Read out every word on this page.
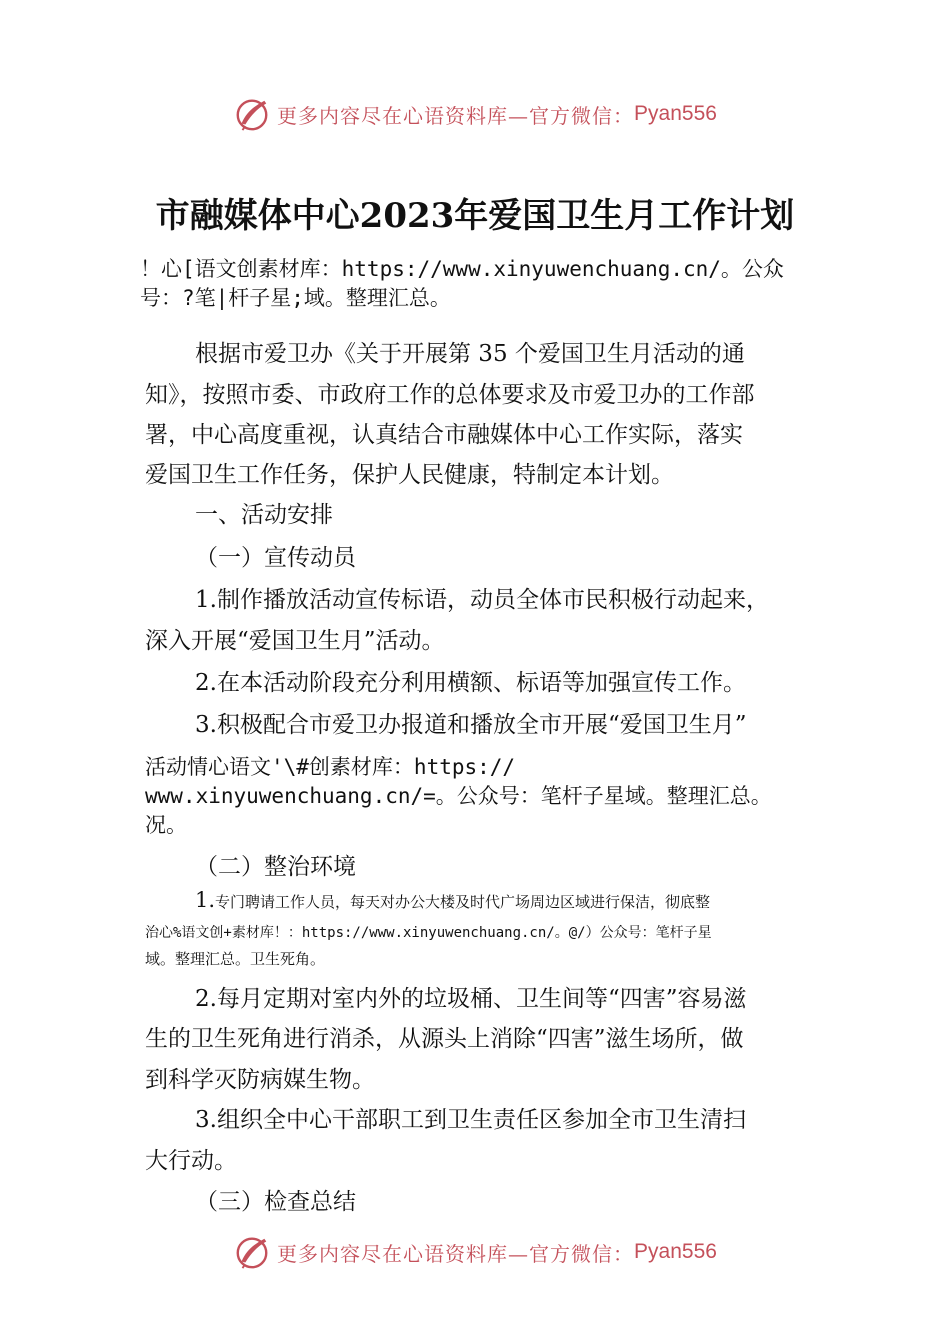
更多内容尽在心语资料库—官方微信： Pyan556
市融媒体中心2023年爱国卫生月工作计划
！心[语文创素材库：https://www.xinyuwenchuang.cn/。公众
号：?笔|杆子星;域。整理汇总。
根据市爱卫办《关于开展第 35 个爱国卫生月活动的通
知》，按照市委、市政府工作的总体要求及市爱卫办的工作部
署，中心高度重视，认真结合市融媒体中心工作实际，落实
爱国卫生工作任务，保护人民健康，特制定本计划。
一、活动安排
（一）宣传动员
1.制作播放活动宣传标语，动员全体市民积极行动起来，
深入开展“爱国卫生月”活动。
2.在本活动阶段充分利用横额、标语等加强宣传工作。
3.积极配合市爱卫办报道和播放全市开展“爱国卫生月”
活动情心语文'\#创素材库：https://
www.xinyuwenchuang.cn/=。公众号：笔杆子星域。整理汇总。
况。
（二）整治环境
1.专门聘请工作人员，每天对办公大楼及时代广场周边区域进行保洁，彻底整
治心%语文创+素材库！：https://www.xinyuwenchuang.cn/。@/）公众号：笔杆子星
域。整理汇总。卫生死角。
2.每月定期对室内外的垃圾桶、卫生间等“四害”容易滋
生的卫生死角进行消杀，从源头上消除“四害”滋生场所，做
到科学灭防病媒生物。
3.组织全中心干部职工到卫生责任区参加全市卫生清扫
大行动。
（三）检查总结
更多内容尽在心语资料库—官方微信： Pyan556
